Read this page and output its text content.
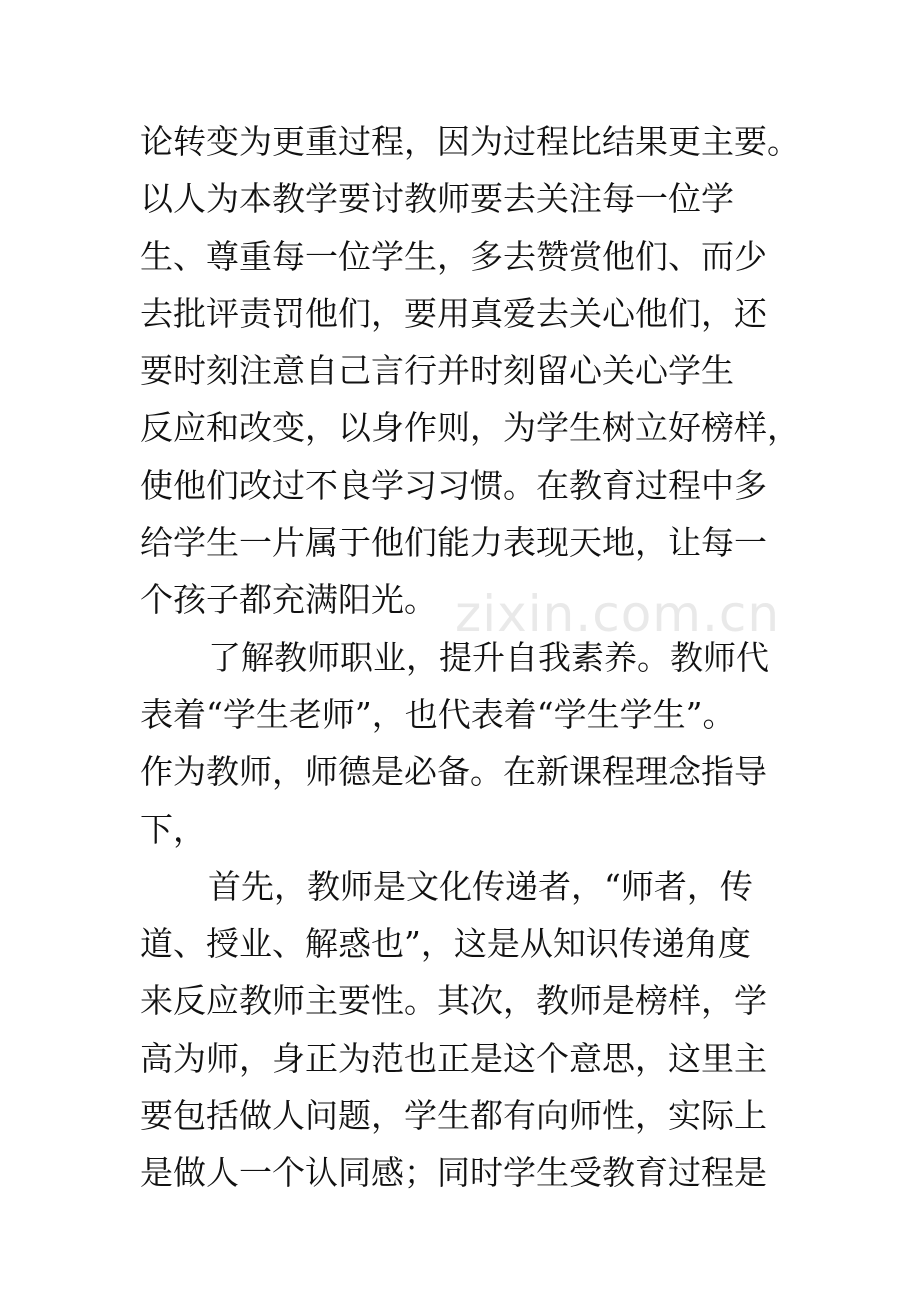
论转变为更重过程，因为过程比结果更主要。
以人为本教学要讨教师要去关注每一位学
生、尊重每一位学生，多去赞赏他们、而少
去批评责罚他们，要用真爱去关心他们，还
要时刻注意自己言行并时刻留心关心学生
反应和改变，以身作则，为学生树立好榜样，
使他们改过不良学习习惯。在教育过程中多
给学生一片属于他们能力表现天地，让每一
个孩子都充满阳光。
了解教师职业，提升自我素养。教师代
表着“学生老师”，也代表着“学生学生”。
作为教师，师德是必备。在新课程理念指导
下，
首先，教师是文化传递者，“师者，传
道、授业、解惑也”，这是从知识传递角度
来反应教师主要性。其次，教师是榜样，学
高为师，身正为范也正是这个意思，这里主
要包括做人问题，学生都有向师性，实际上
是做人一个认同感；同时学生受教育过程是
zixin.com.cn
